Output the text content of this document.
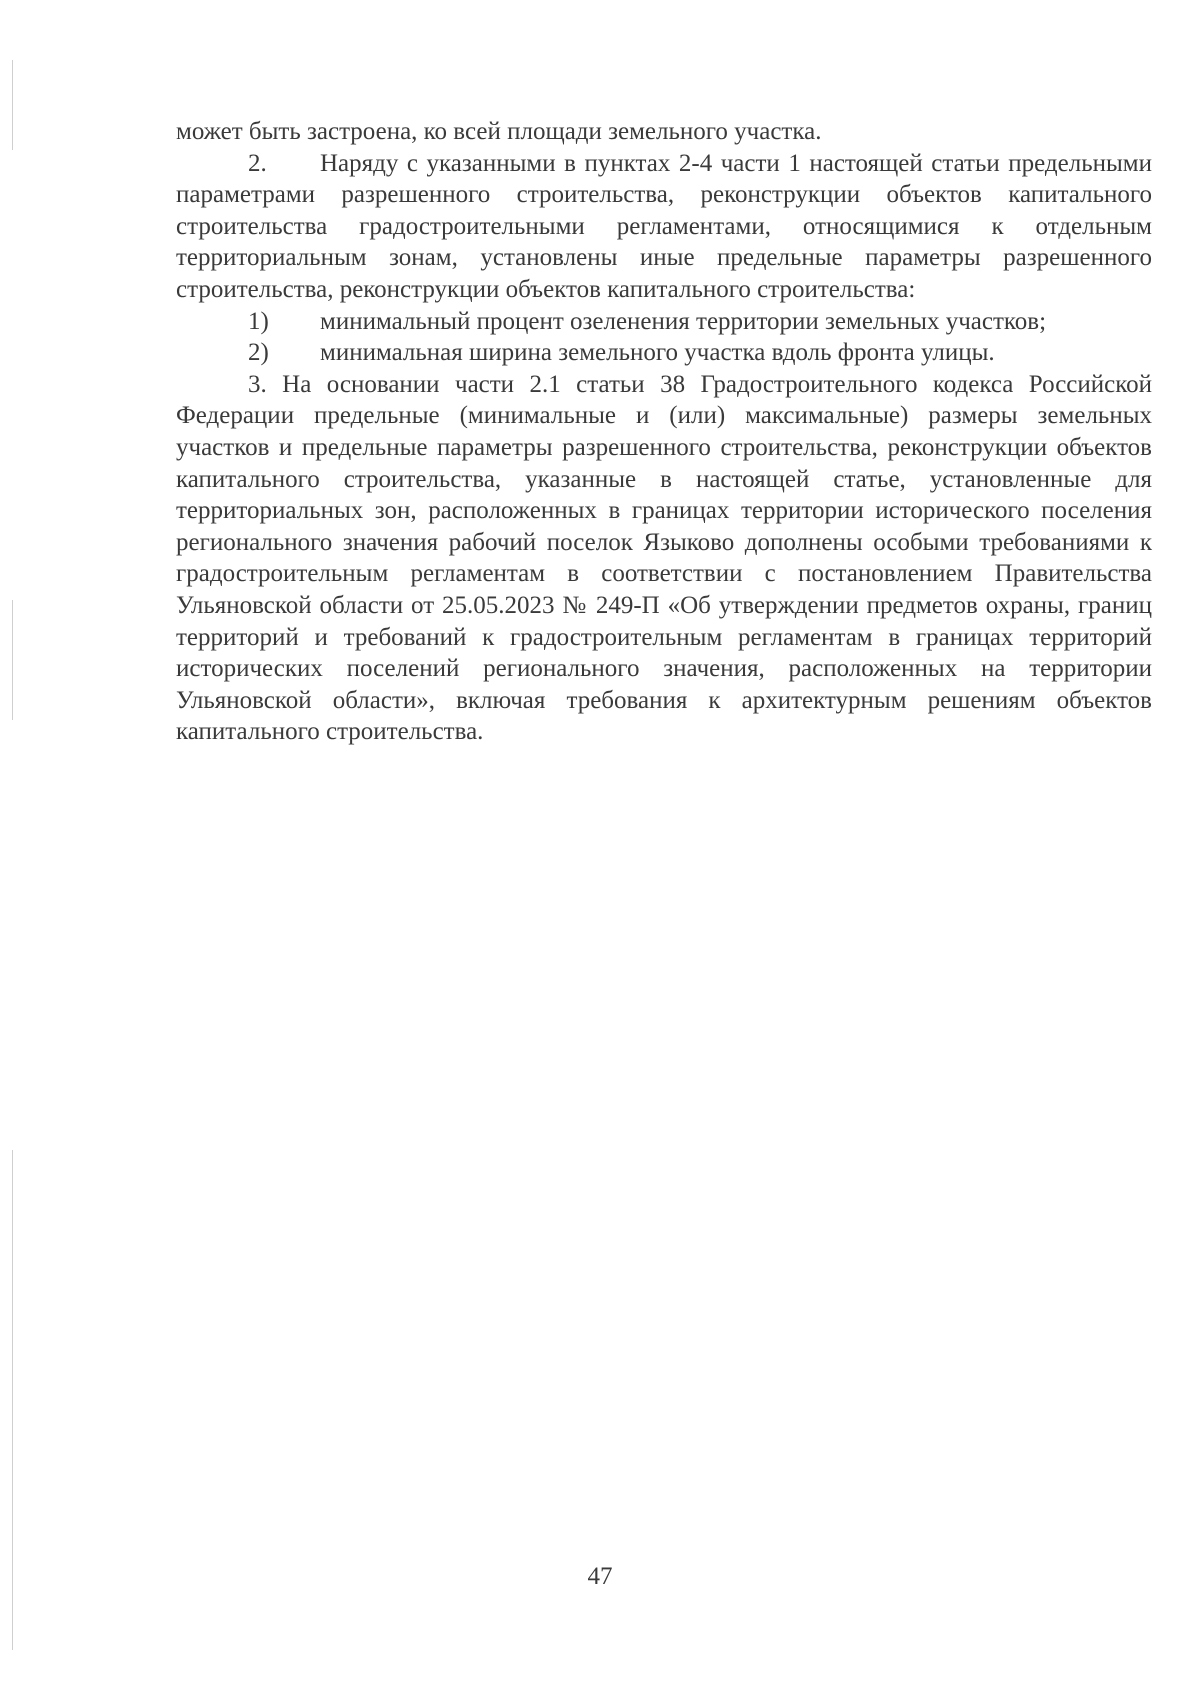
может быть застроена, ко всей площади земельного участка.

2. Наряду с указанными в пунктах 2-4 части 1 настоящей статьи предельными параметрами разрешенного строительства, реконструкции объектов капитального строительства градостроительными регламентами, относящимися к отдельным территориальным зонам, установлены иные предельные параметры разрешенного строительства, реконструкции объектов капитального строительства:

1) минимальный процент озеленения территории земельных участков;

2) минимальная ширина земельного участка вдоль фронта улицы.

3. На основании части 2.1 статьи 38 Градостроительного кодекса Российской Федерации предельные (минимальные и (или) максимальные) размеры земельных участков и предельные параметры разрешенного строительства, реконструкции объектов капитального строительства, указанные в настоящей статье, установленные для территориальных зон, расположенных в границах территории исторического поселения регионального значения рабочий поселок Языково дополнены особыми требованиями к градостроительным регламентам в соответствии с постановлением Правительства Ульяновской области от 25.05.2023 № 249-П «Об утверждении предметов охраны, границ территорий и требований к градостроительным регламентам в границах территорий исторических поселений регионального значения, расположенных на территории Ульяновской области», включая требования к архитектурным решениям объектов капитального строительства.

47
